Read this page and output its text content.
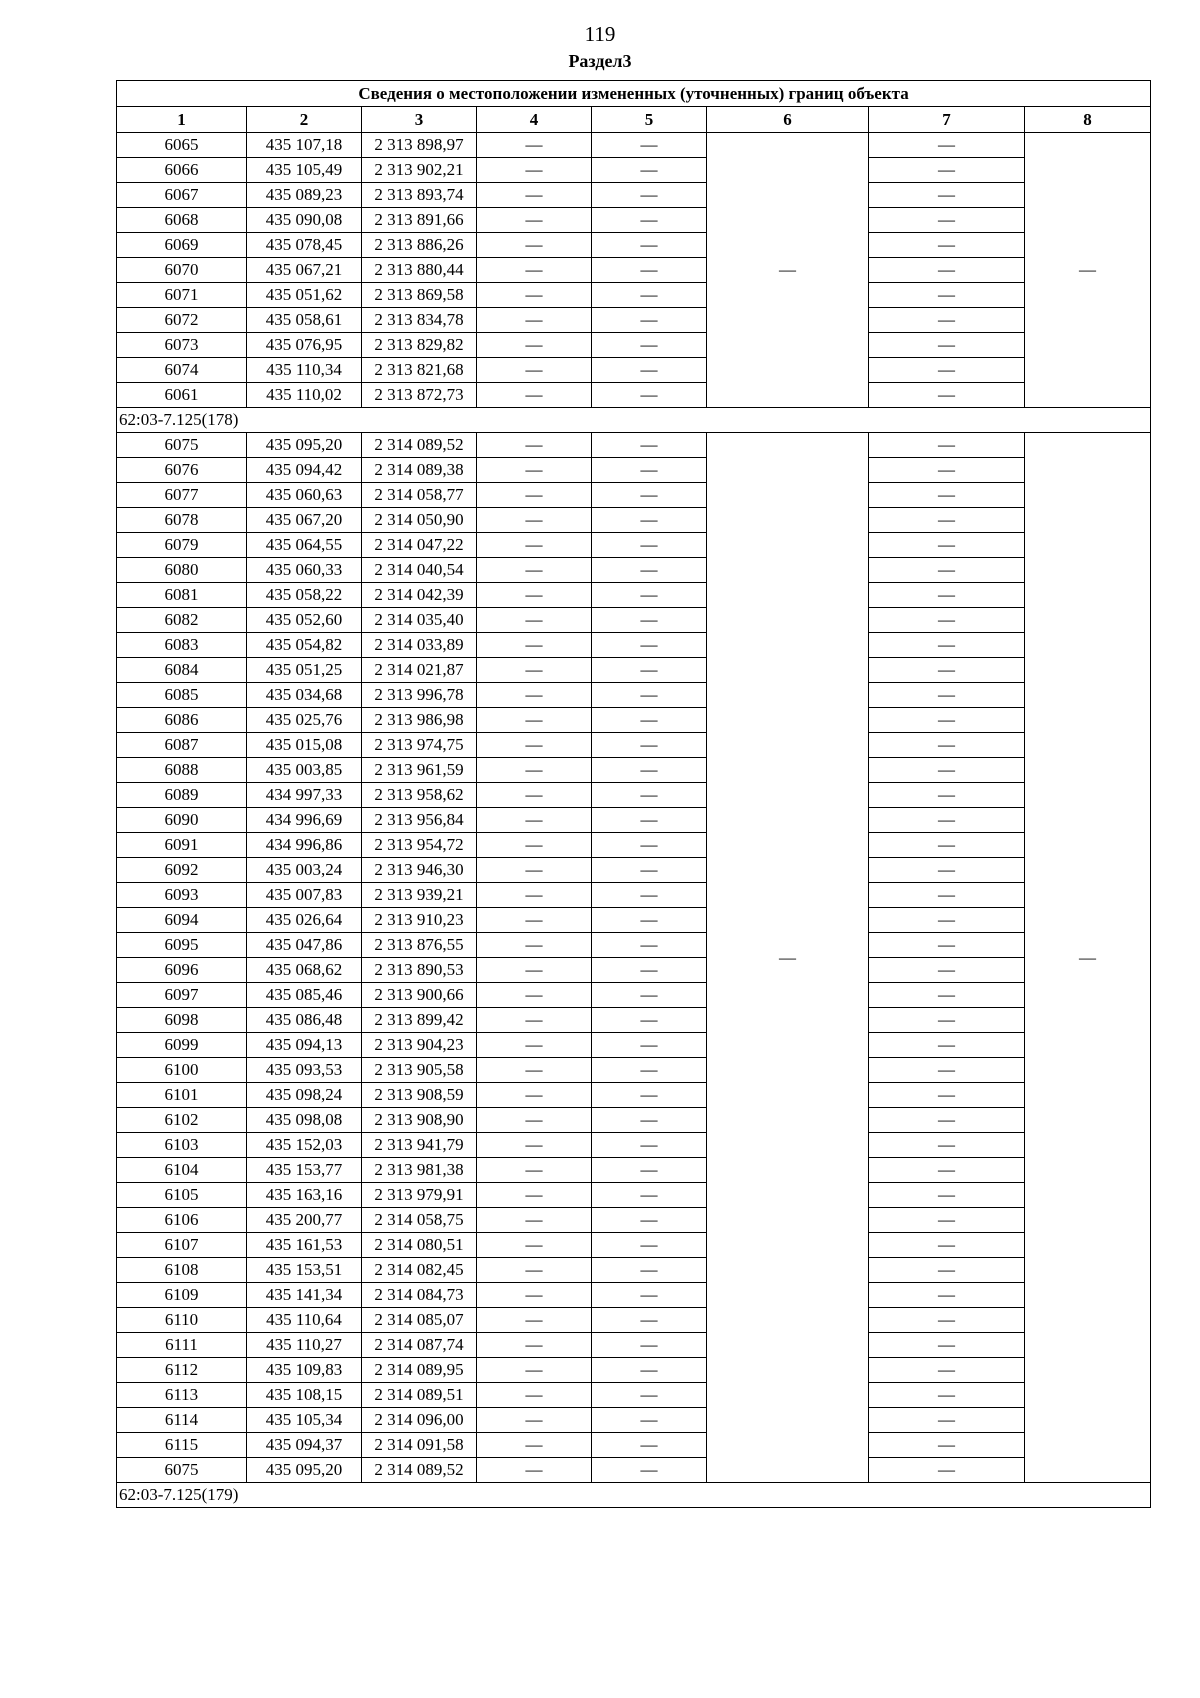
119
Раздел3
Сведения о местоположении измененных (уточненных) границ объекта							
1	2	3	4	5	6	7	8
6065	435 107,18	2 313 898,97	—	—	—	—	—
6066	435 105,49	2 313 902,21	—	—		—	
6067	435 089,23	2 313 893,74	—	—		—	
6068	435 090,08	2 313 891,66	—	—		—	
6069	435 078,45	2 313 886,26	—	—		—	
6070	435 067,21	2 313 880,44	—	—		—	
6071	435 051,62	2 313 869,58	—	—		—	
6072	435 058,61	2 313 834,78	—	—		—	
6073	435 076,95	2 313 829,82	—	—		—	
6074	435 110,34	2 313 821,68	—	—		—	
6061	435 110,02	2 313 872,73	—	—		—	
62:03-7.125(178)							
6075	435 095,20	2 314 089,52	—	—	—	—	—
6076	435 094,42	2 314 089,38	—	—		—	
6077	435 060,63	2 314 058,77	—	—		—	
6078	435 067,20	2 314 050,90	—	—		—	
6079	435 064,55	2 314 047,22	—	—		—	
6080	435 060,33	2 314 040,54	—	—		—	
6081	435 058,22	2 314 042,39	—	—		—	
6082	435 052,60	2 314 035,40	—	—		—	
6083	435 054,82	2 314 033,89	—	—		—	
6084	435 051,25	2 314 021,87	—	—		—	
6085	435 034,68	2 313 996,78	—	—		—	
6086	435 025,76	2 313 986,98	—	—		—	
6087	435 015,08	2 313 974,75	—	—		—	
6088	435 003,85	2 313 961,59	—	—		—	
6089	434 997,33	2 313 958,62	—	—		—	
6090	434 996,69	2 313 956,84	—	—		—	
6091	434 996,86	2 313 954,72	—	—		—	
6092	435 003,24	2 313 946,30	—	—		—	
6093	435 007,83	2 313 939,21	—	—		—	
6094	435 026,64	2 313 910,23	—	—		—	
6095	435 047,86	2 313 876,55	—	—		—	
6096	435 068,62	2 313 890,53	—	—		—	
6097	435 085,46	2 313 900,66	—	—		—	
6098	435 086,48	2 313 899,42	—	—		—	
6099	435 094,13	2 313 904,23	—	—		—	
6100	435 093,53	2 313 905,58	—	—		—	
6101	435 098,24	2 313 908,59	—	—		—	
6102	435 098,08	2 313 908,90	—	—		—	
6103	435 152,03	2 313 941,79	—	—		—	
6104	435 153,77	2 313 981,38	—	—		—	
6105	435 163,16	2 313 979,91	—	—		—	
6106	435 200,77	2 314 058,75	—	—		—	
6107	435 161,53	2 314 080,51	—	—		—	
6108	435 153,51	2 314 082,45	—	—		—	
6109	435 141,34	2 314 084,73	—	—		—	
6110	435 110,64	2 314 085,07	—	—		—	
6111	435 110,27	2 314 087,74	—	—		—	
6112	435 109,83	2 314 089,95	—	—		—	
6113	435 108,15	2 314 089,51	—	—		—	
6114	435 105,34	2 314 096,00	—	—		—	
6115	435 094,37	2 314 091,58	—	—		—	
6075	435 095,20	2 314 089,52	—	—		—	
62:03-7.125(179)							
